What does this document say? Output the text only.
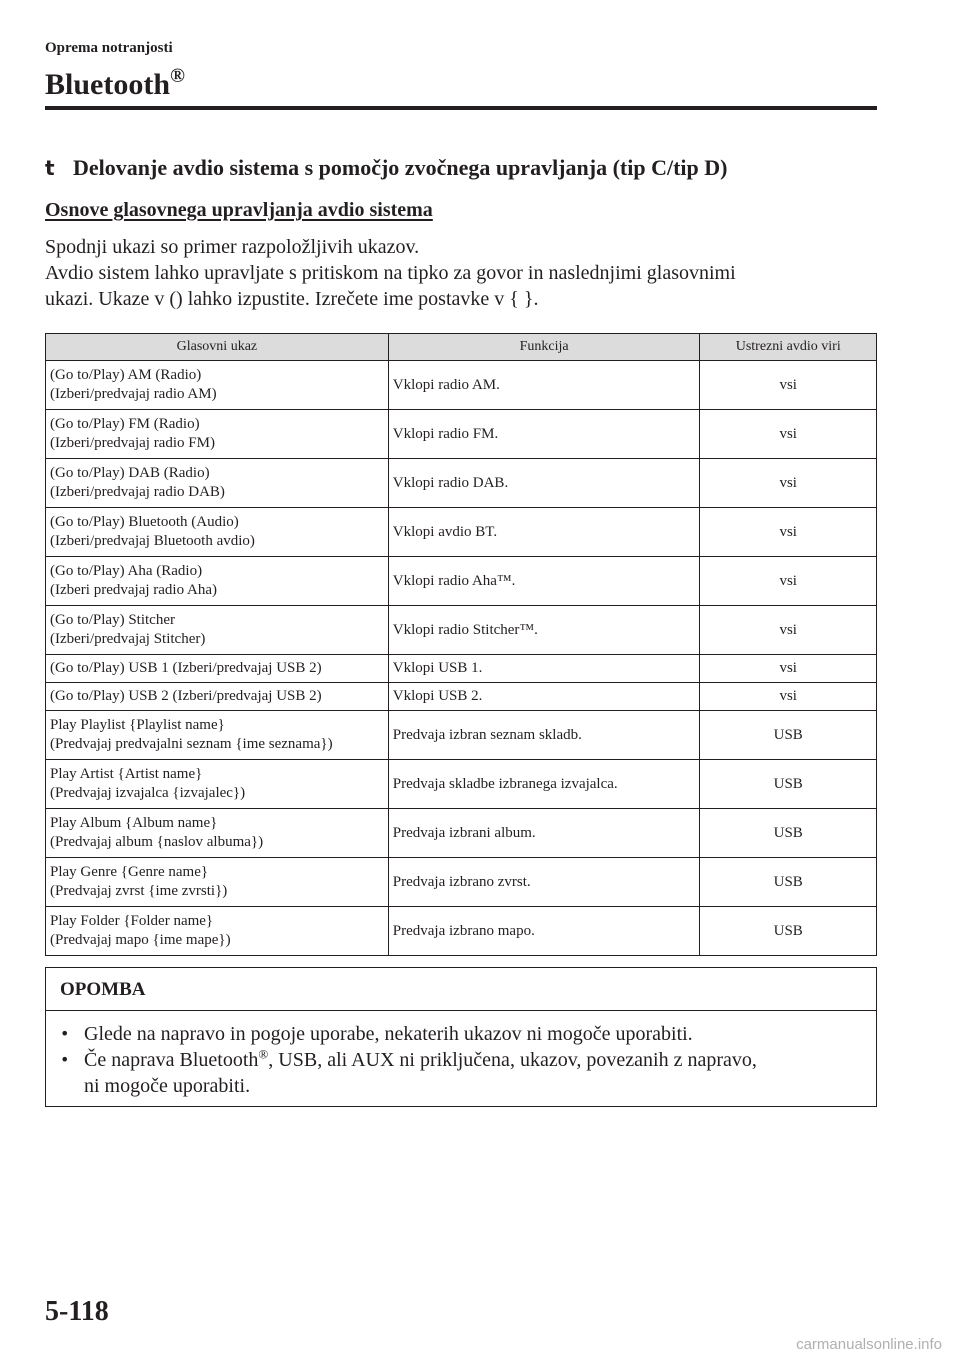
Oprema notranjosti
Bluetooth®
t Delovanje avdio sistema s pomočjo zvočnega upravljanja (tip C/tip D)
Osnove glasovnega upravljanja avdio sistema

Spodnji ukazi so primer razpoložljivih ukazov.

Avdio sistem lahko upravljate s pritiskom na tipko za govor in naslednjimi glasovnimi

ukazi. Ukaze v () lahko izpustite. Izrečete ime postavke v { }.

Glasovni ukaz	Funkcija	Ustrezni avdio viri
(Go to/Play) AM (Radio)
(Izberi/predvajaj radio AM)	Vklopi radio AM.	vsi
(Go to/Play) FM (Radio)
(Izberi/predvajaj radio FM)	Vklopi radio FM.	vsi
(Go to/Play) DAB (Radio)
(Izberi/predvajaj radio DAB)	Vklopi radio DAB.	vsi
(Go to/Play) Bluetooth (Audio)
(Izberi/predvajaj Bluetooth avdio)	Vklopi avdio BT.	vsi
(Go to/Play) Aha (Radio)
(Izberi predvajaj radio Aha)	Vklopi radio Aha™.	vsi
(Go to/Play) Stitcher
(Izberi/predvajaj Stitcher)	Vklopi radio Stitcher™.	vsi
(Go to/Play) USB 1 (Izberi/predvajaj USB 2)	Vklopi USB 1.	vsi
(Go to/Play) USB 2 (Izberi/predvajaj USB 2)	Vklopi USB 2.	vsi
Play Playlist {Playlist name}
(Predvajaj predvajalni seznam {ime seznama})	Predvaja izbran seznam skladb.	USB
Play Artist {Artist name}
(Predvajaj izvajalca {izvajalec})	Predvaja skladbe izbranega izvajalca.	USB
Play Album {Album name}
(Predvajaj album {naslov albuma})	Predvaja izbrani album.	USB
Play Genre {Genre name}
(Predvajaj zvrst {ime zvrsti})	Predvaja izbrano zvrst.	USB
Play Folder {Folder name}
(Predvajaj mapo {ime mape})	Predvaja izbrano mapo.	USB
OPOMBA
• Glede na napravo in pogoje uporabe, nekaterih ukazov ni mogoče uporabiti.
• Če naprava Bluetooth®, USB, ali AUX ni priključena, ukazov, povezanih z napravo,
ni mogoče uporabiti.
5-118
carmanualsonline.info
